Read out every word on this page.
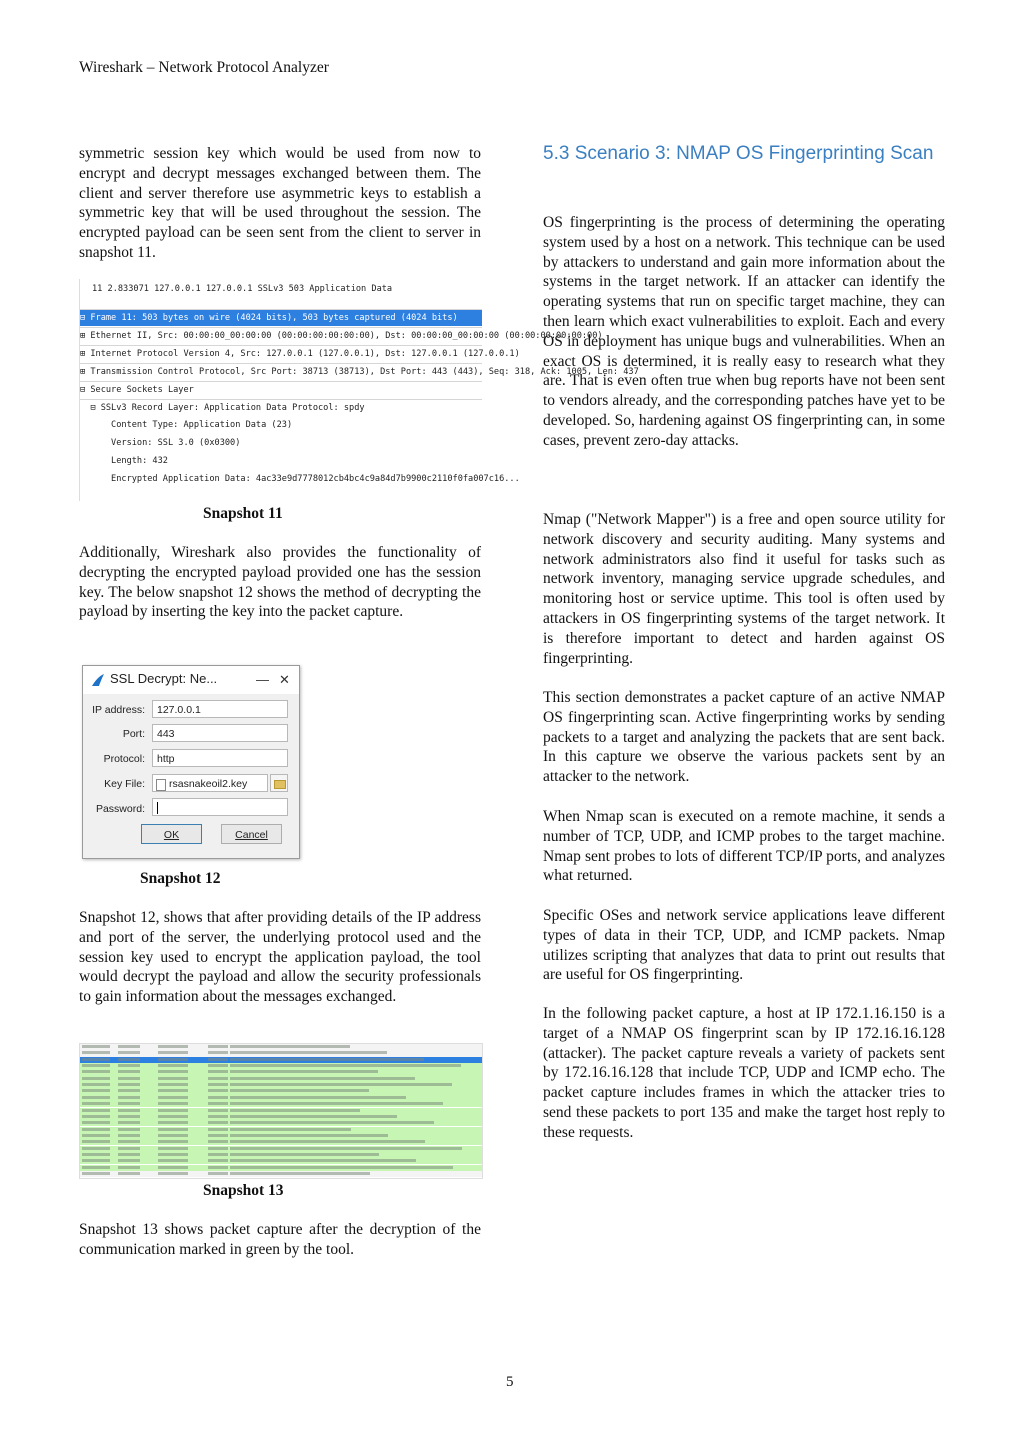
Wireshark – Network Protocol Analyzer

symmetric session key which would be used from now to encrypt and decrypt messages exchanged between them. The client and server therefore use asymmetric keys to establish a symmetric key that will be used throughout the session. The encrypted payload can be seen sent from the client to server in snapshot 11.

11 2.833071 127.0.0.1 127.0.0.1 SSLv3 503 Application Data
⊟ Frame 11: 503 bytes on wire (4024 bits), 503 bytes captured (4024 bits)
⊞ Ethernet II, Src: 00:00:00_00:00:00 (00:00:00:00:00:00), Dst: 00:00:00_00:00:00 (00:00:00:00:00:00)
⊞ Internet Protocol Version 4, Src: 127.0.0.1 (127.0.0.1), Dst: 127.0.0.1 (127.0.0.1)
⊞ Transmission Control Protocol, Src Port: 38713 (38713), Dst Port: 443 (443), Seq: 318, Ack: 1005, Len: 437
⊟ Secure Sockets Layer
⊟ SSLv3 Record Layer: Application Data Protocol: spdy
Content Type: Application Data (23)
Version: SSL 3.0 (0x0300)
Length: 432
Encrypted Application Data: 4ac33e9d7778012cb4bc4c9a84d7b9900c2110f0fa007c16...
Snapshot 11

Additionally, Wireshark also provides the functionality of decrypting the encrypted payload provided one has the session key. The below snapshot 12 shows the method of decrypting the payload by inserting the key into the packet capture.

SSL Decrypt: Ne...	— ✕
IP address:	127.0.0.1
Port:	443
Protocol:	http
Key File:	rsasnakeoil2.key
Password:
OK	Cancel
Snapshot 12

Snapshot 12, shows that after providing details of the IP address and port of the server, the underlying protocol used and the session key used to encrypt the application payload, the tool would decrypt the payload and allow the security professionals to gain information about the messages exchanged.

Snapshot 13

Snapshot 13 shows packet capture after the decryption of the communication marked in green by the tool.

5.3 Scenario 3: NMAP OS Fingerprinting Scan

OS fingerprinting is the process of determining the operating system used by a host on a network. This technique can be used by attackers to understand and gain more information about the systems in the target network. If an attacker can identify the operating systems that run on specific target machine, they can then learn which exact vulnerabilities to exploit. Each and every OS in deployment has unique bugs and vulnerabilities. When an exact OS is determined, it is really easy to research what they are. That is even often true when bug reports have not been sent to vendors already, and the corresponding patches have yet to be developed. So, hardening against OS fingerprinting can, in some cases, prevent zero-day attacks.

Nmap ("Network Mapper") is a free and open source utility for network discovery and security auditing. Many systems and network administrators also find it useful for tasks such as network inventory, managing service upgrade schedules, and monitoring host or service uptime. This tool is often used by attackers in OS fingerprinting systems of the target network. It is therefore important to detect and harden against OS fingerprinting.

This section demonstrates a packet capture of an active NMAP OS fingerprinting scan. Active fingerprinting works by sending packets to a target and analyzing the packets that are sent back. In this capture we observe the various packets sent by an attacker to the network.

When Nmap scan is executed on a remote machine, it sends a number of TCP, UDP, and ICMP probes to the target machine. Nmap sent probes to lots of different TCP/IP ports, and analyzes what returned.

Specific OSes and network service applications leave different types of data in their TCP, UDP, and ICMP packets. Nmap utilizes scripting that analyzes that data to print out results that are useful for OS fingerprinting.

In the following packet capture, a host at IP 172.1.16.150 is a target of a NMAP OS fingerprint scan by IP 172.16.16.128 (attacker). The packet capture reveals a variety of packets sent by 172.16.16.128 that include TCP, UDP and ICMP echo. The packet capture includes frames in which the attacker tries to send these packets to port 135 and make the target host reply to these requests.

5
